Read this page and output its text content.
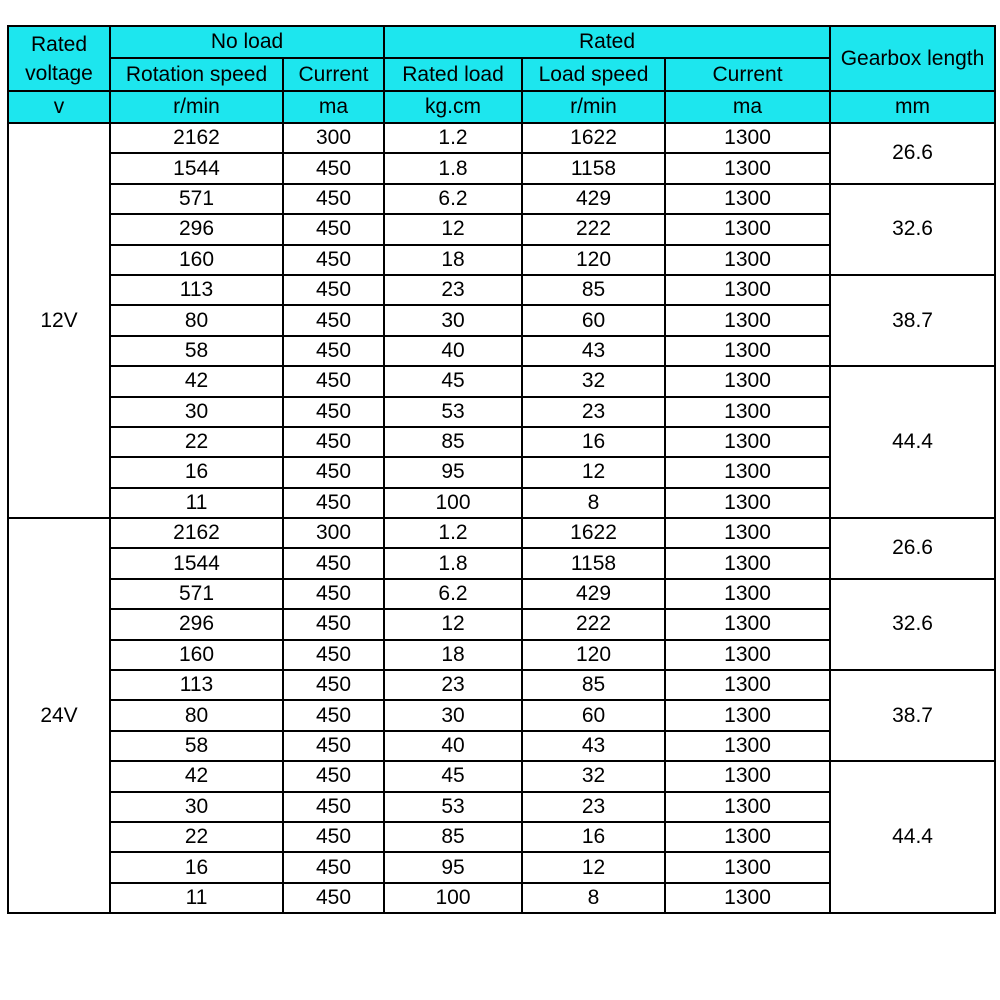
Rated
voltage	No load		Rated			Gearbox length
	Rotation speed	Current	Rated load	Load speed	Current	
v	r/min	ma	kg.cm	r/min	ma	mm
12V	2162	300	1.2	1622	1300	26.6
	1544	450	1.8	1158	1300	
	571	450	6.2	429	1300	32.6
	296	450	12	222	1300	
	160	450	18	120	1300	
	113	450	23	85	1300	38.7
	80	450	30	60	1300	
	58	450	40	43	1300	
	42	450	45	32	1300	44.4
	30	450	53	23	1300	
	22	450	85	16	1300	
	16	450	95	12	1300	
	11	450	100	8	1300	
24V	2162	300	1.2	1622	1300	26.6
	1544	450	1.8	1158	1300	
	571	450	6.2	429	1300	32.6
	296	450	12	222	1300	
	160	450	18	120	1300	
	113	450	23	85	1300	38.7
	80	450	30	60	1300	
	58	450	40	43	1300	
	42	450	45	32	1300	44.4
	30	450	53	23	1300	
	22	450	85	16	1300	
	16	450	95	12	1300	
	11	450	100	8	1300	
